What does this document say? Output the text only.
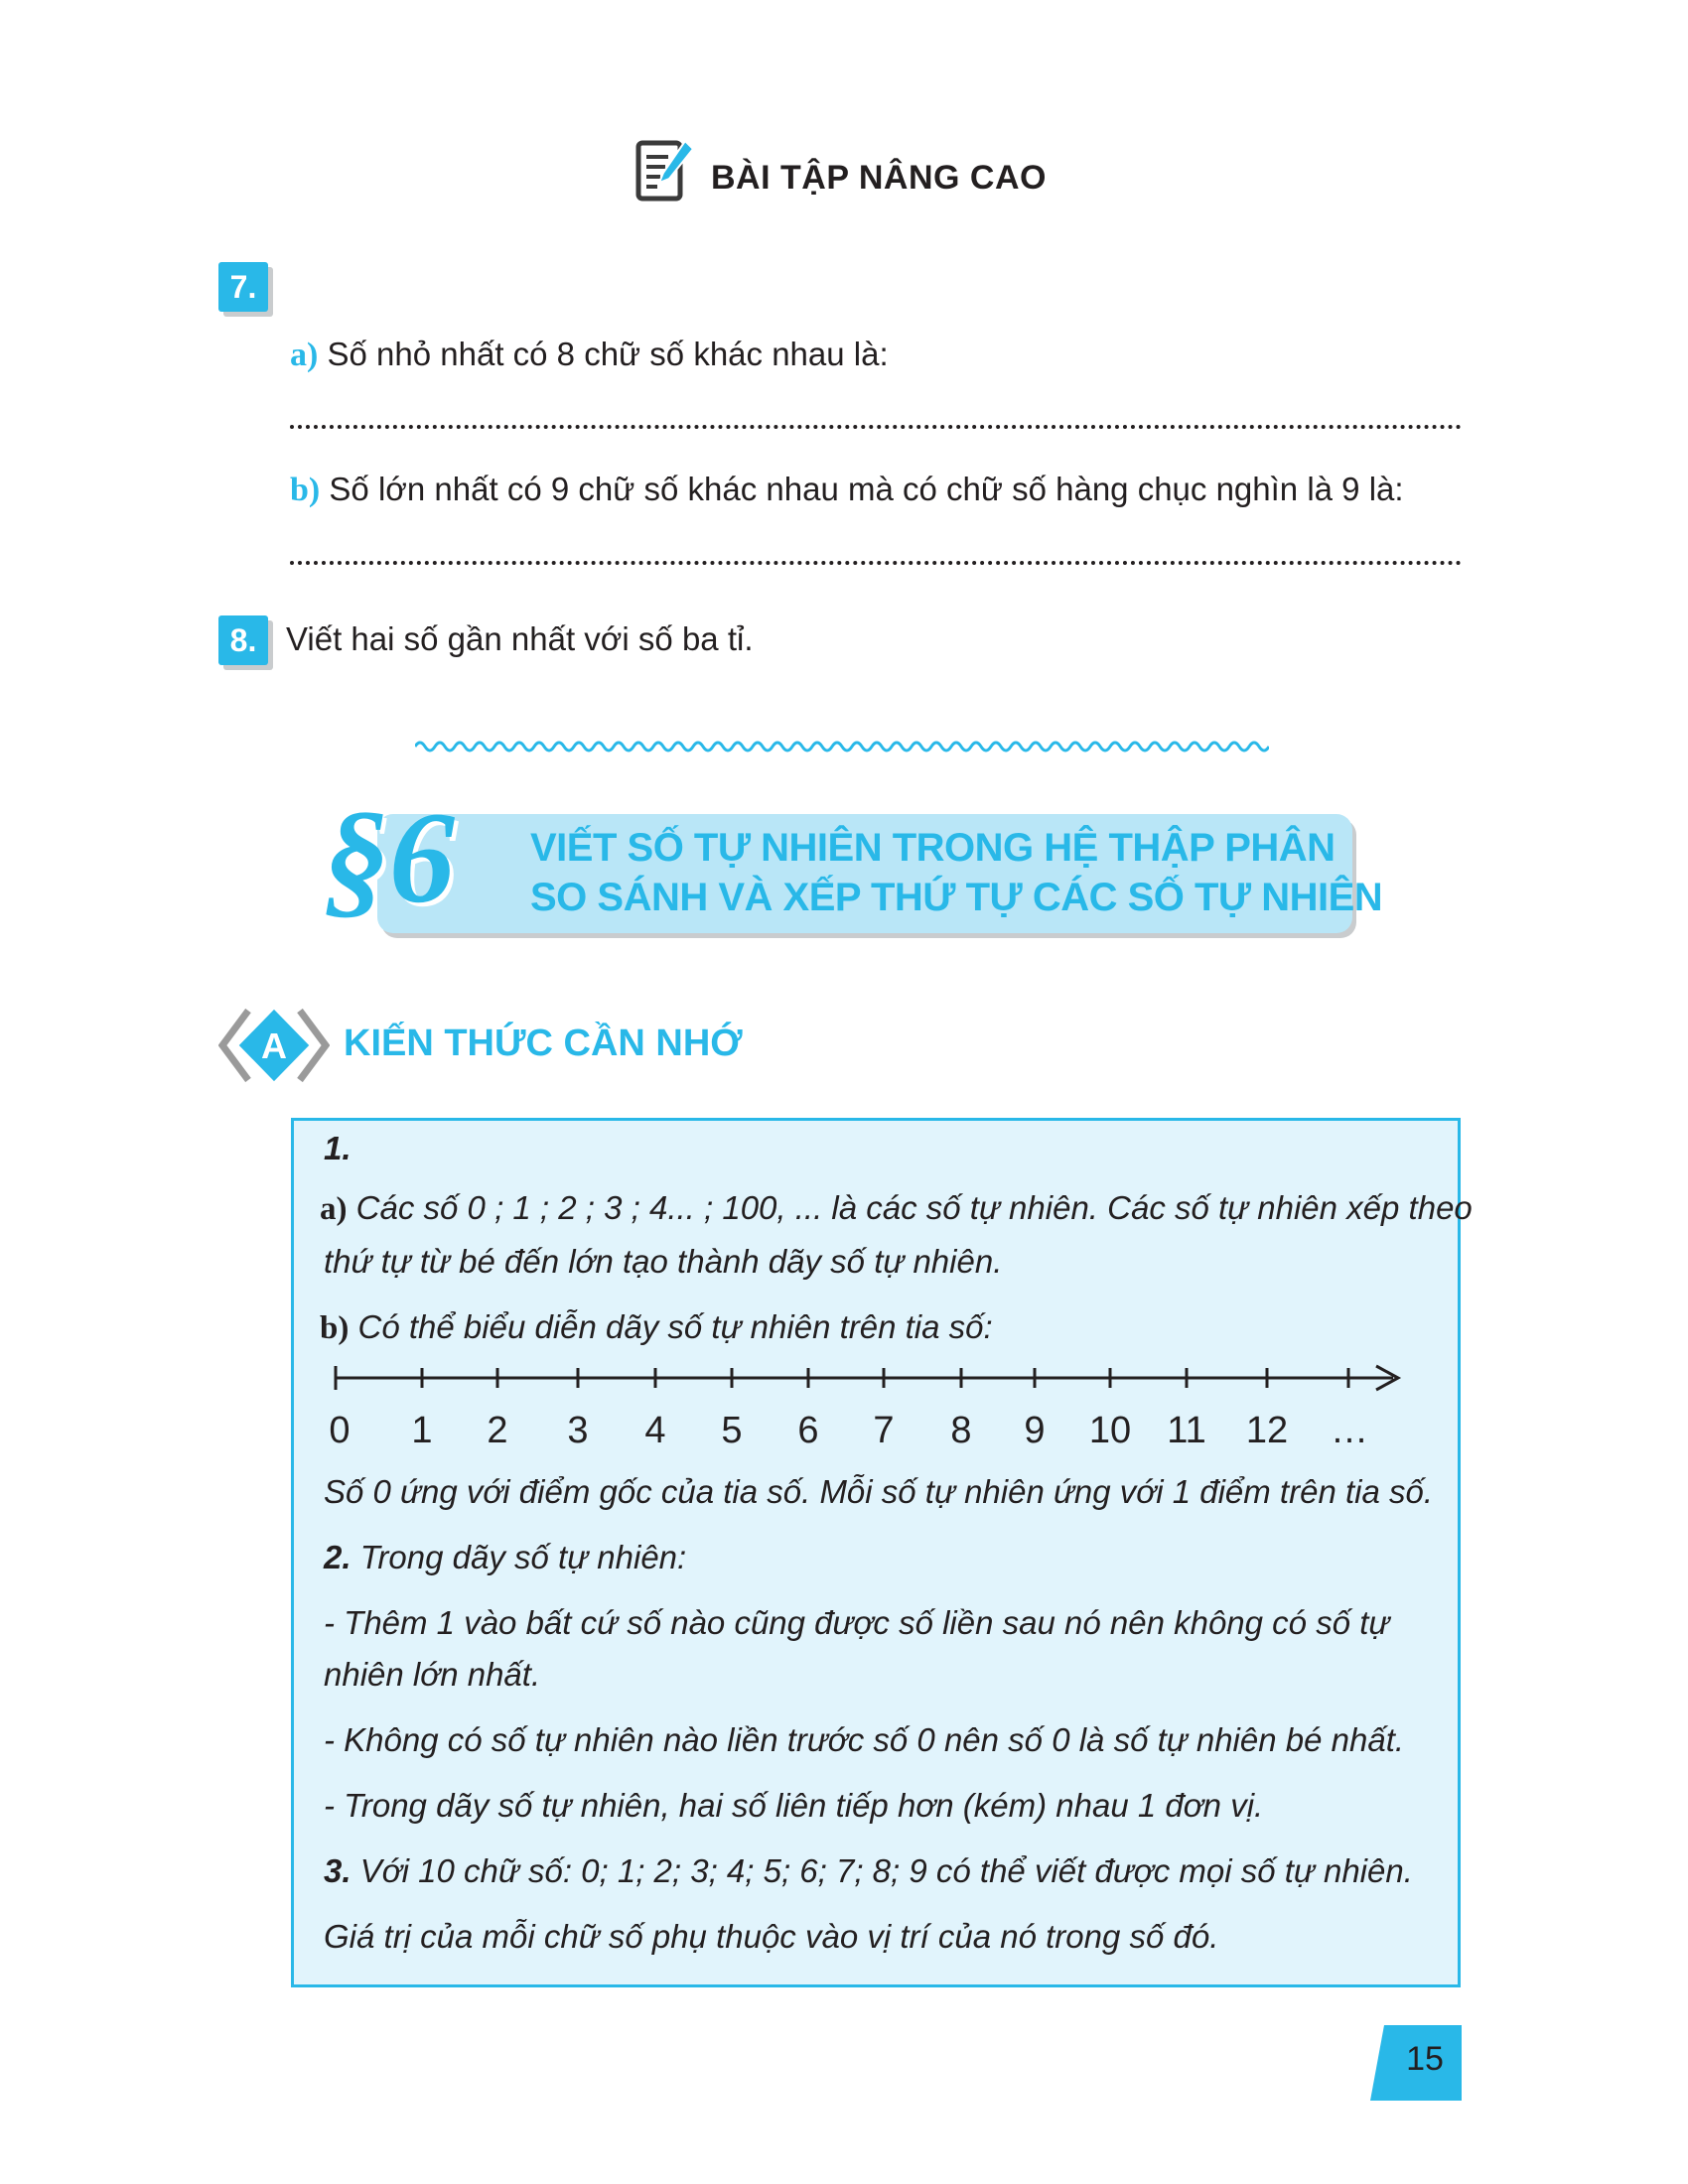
BÀI TẬP NÂNG CAO
7.
a) Số nhỏ nhất có 8 chữ số khác nhau là:
b) Số lớn nhất có 9 chữ số khác nhau mà có chữ số hàng chục nghìn là 9 là:
8. Viết hai số gần nhất với số ba tỉ.
§6 VIẾT SỐ TỰ NHIÊN TRONG HỆ THẬP PHÂN
SO SÁNH VÀ XẾP THỨ TỰ CÁC SỐ TỰ NHIÊN
A KIẾN THỨC CẦN NHỚ
1.
a) Các số 0 ; 1 ; 2 ; 3 ; 4... ; 100, ... là các số tự nhiên. Các số tự nhiên xếp theo
thứ tự từ bé đến lớn tạo thành dãy số tự nhiên.
b) Có thể biểu diễn dãy số tự nhiên trên tia số:
0 1 2 3 4 5 6 7 8 9 10 11 12 …
Số 0 ứng với điểm gốc của tia số. Mỗi số tự nhiên ứng với 1 điểm trên tia số.
2. Trong dãy số tự nhiên:
- Thêm 1 vào bất cứ số nào cũng được số liền sau nó nên không có số tự
nhiên lớn nhất.
- Không có số tự nhiên nào liền trước số 0 nên số 0 là số tự nhiên bé nhất.
- Trong dãy số tự nhiên, hai số liên tiếp hơn (kém) nhau 1 đơn vị.
3. Với 10 chữ số: 0; 1; 2; 3; 4; 5; 6; 7; 8; 9 có thể viết được mọi số tự nhiên.
Giá trị của mỗi chữ số phụ thuộc vào vị trí của nó trong số đó.
15
